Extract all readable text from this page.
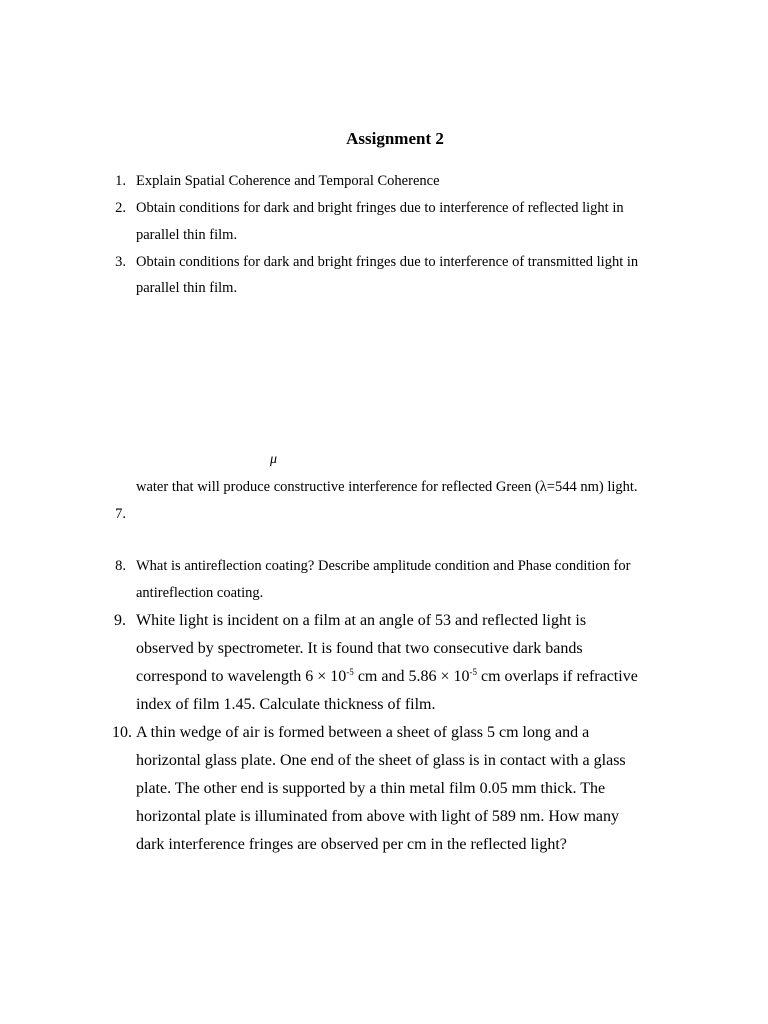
Assignment 2
1. Explain Spatial Coherence and Temporal Coherence
2. Obtain conditions for dark and bright fringes due to interference of reflected light in
parallel thin film.
3. Obtain conditions for dark and bright fringes due to interference of transmitted light in
parallel thin film.
μ
water that will produce constructive interference for reflected Green (λ=544 nm) light.
7.
8. What is antireflection coating? Describe amplitude condition and Phase condition for
antireflection coating.
9. White light is incident on a film at an angle of 53 and reflected light is
observed by spectrometer. It is found that two consecutive dark bands
correspond to wavelength $6 \times 10^{-5}$ cm and $5.86 \times 10^{-5}$ cm overlaps if refractive
index of film 1.45. Calculate thickness of film.
10. A thin wedge of air is formed between a sheet of glass 5 cm long and a
horizontal glass plate. One end of the sheet of glass is in contact with a glass
plate. The other end is supported by a thin metal film 0.05 mm thick. The
horizontal plate is illuminated from above with light of 589 nm. How many
dark interference fringes are observed per cm in the reflected light?
